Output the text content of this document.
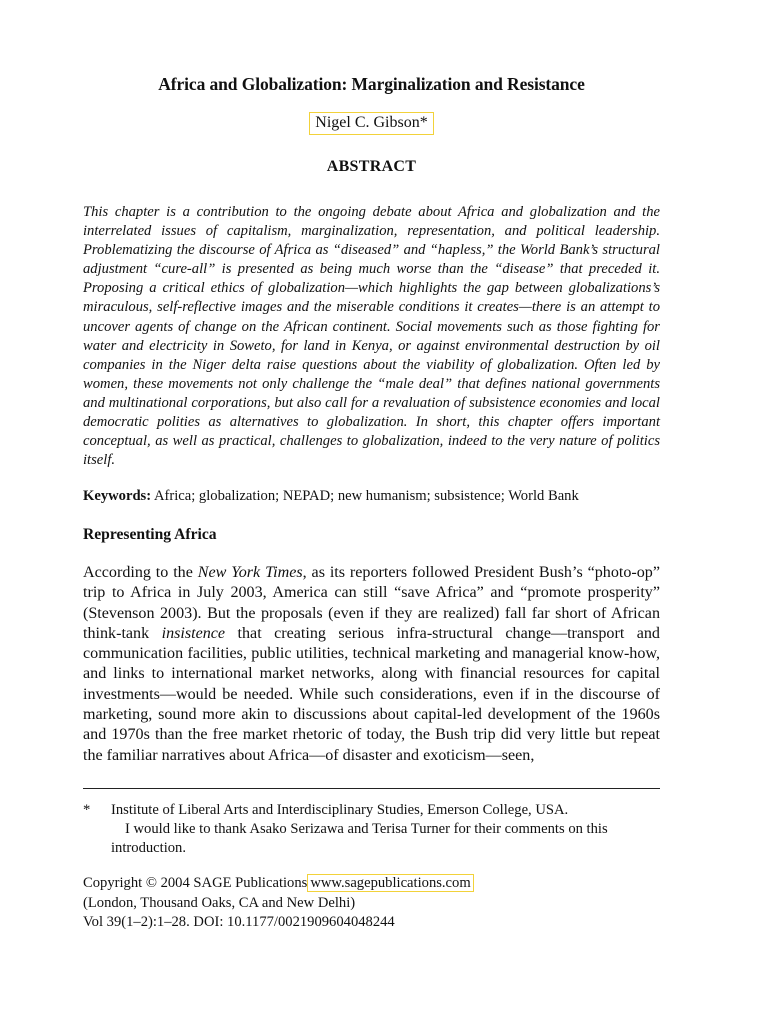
Africa and Globalization: Marginalization and Resistance
Nigel C. Gibson*
ABSTRACT
This chapter is a contribution to the ongoing debate about Africa and globalization and the interrelated issues of capitalism, marginalization, representation, and political leadership. Problematizing the discourse of Africa as “diseased” and “hapless,” the World Bank’s structural adjustment “cure-all” is presented as being much worse than the “disease” that preceded it. Proposing a critical ethics of globalization—which highlights the gap between globalizations’s miraculous, self-reflective images and the miserable conditions it creates—there is an attempt to uncover agents of change on the African continent. Social movements such as those fighting for water and electricity in Soweto, for land in Kenya, or against environmental destruction by oil companies in the Niger delta raise questions about the viability of globalization. Often led by women, these movements not only challenge the “male deal” that defines national governments and multinational corporations, but also call for a revaluation of subsistence economies and local democratic polities as alternatives to globalization. In short, this chapter offers important conceptual, as well as practical, challenges to globalization, indeed to the very nature of politics itself.
Keywords: Africa; globalization; NEPAD; new humanism; subsistence; World Bank
Representing Africa
According to the New York Times, as its reporters followed President Bush’s “photo-op” trip to Africa in July 2003, America can still “save Africa” and “promote prosperity” (Stevenson 2003). But the proposals (even if they are realized) fall far short of African think-tank insistence that creating serious infra-structural change—transport and communication facilities, public utilities, technical marketing and managerial know-how, and links to international market networks, along with financial resources for capital investments—would be needed. While such considerations, even if in the discourse of marketing, sound more akin to discussions about capital-led development of the 1960s and 1970s than the free market rhetoric of today, the Bush trip did very little but repeat the familiar narratives about Africa—of disaster and exoticism—seen,
* Institute of Liberal Arts and Interdisciplinary Studies, Emerson College, USA.
I would like to thank Asako Serizawa and Terisa Turner for their comments on this introduction.
Copyright © 2004 SAGE Publications www.sagepublications.com
(London, Thousand Oaks, CA and New Delhi)
Vol 39(1–2):1–28. DOI: 10.1177/0021909604048244
